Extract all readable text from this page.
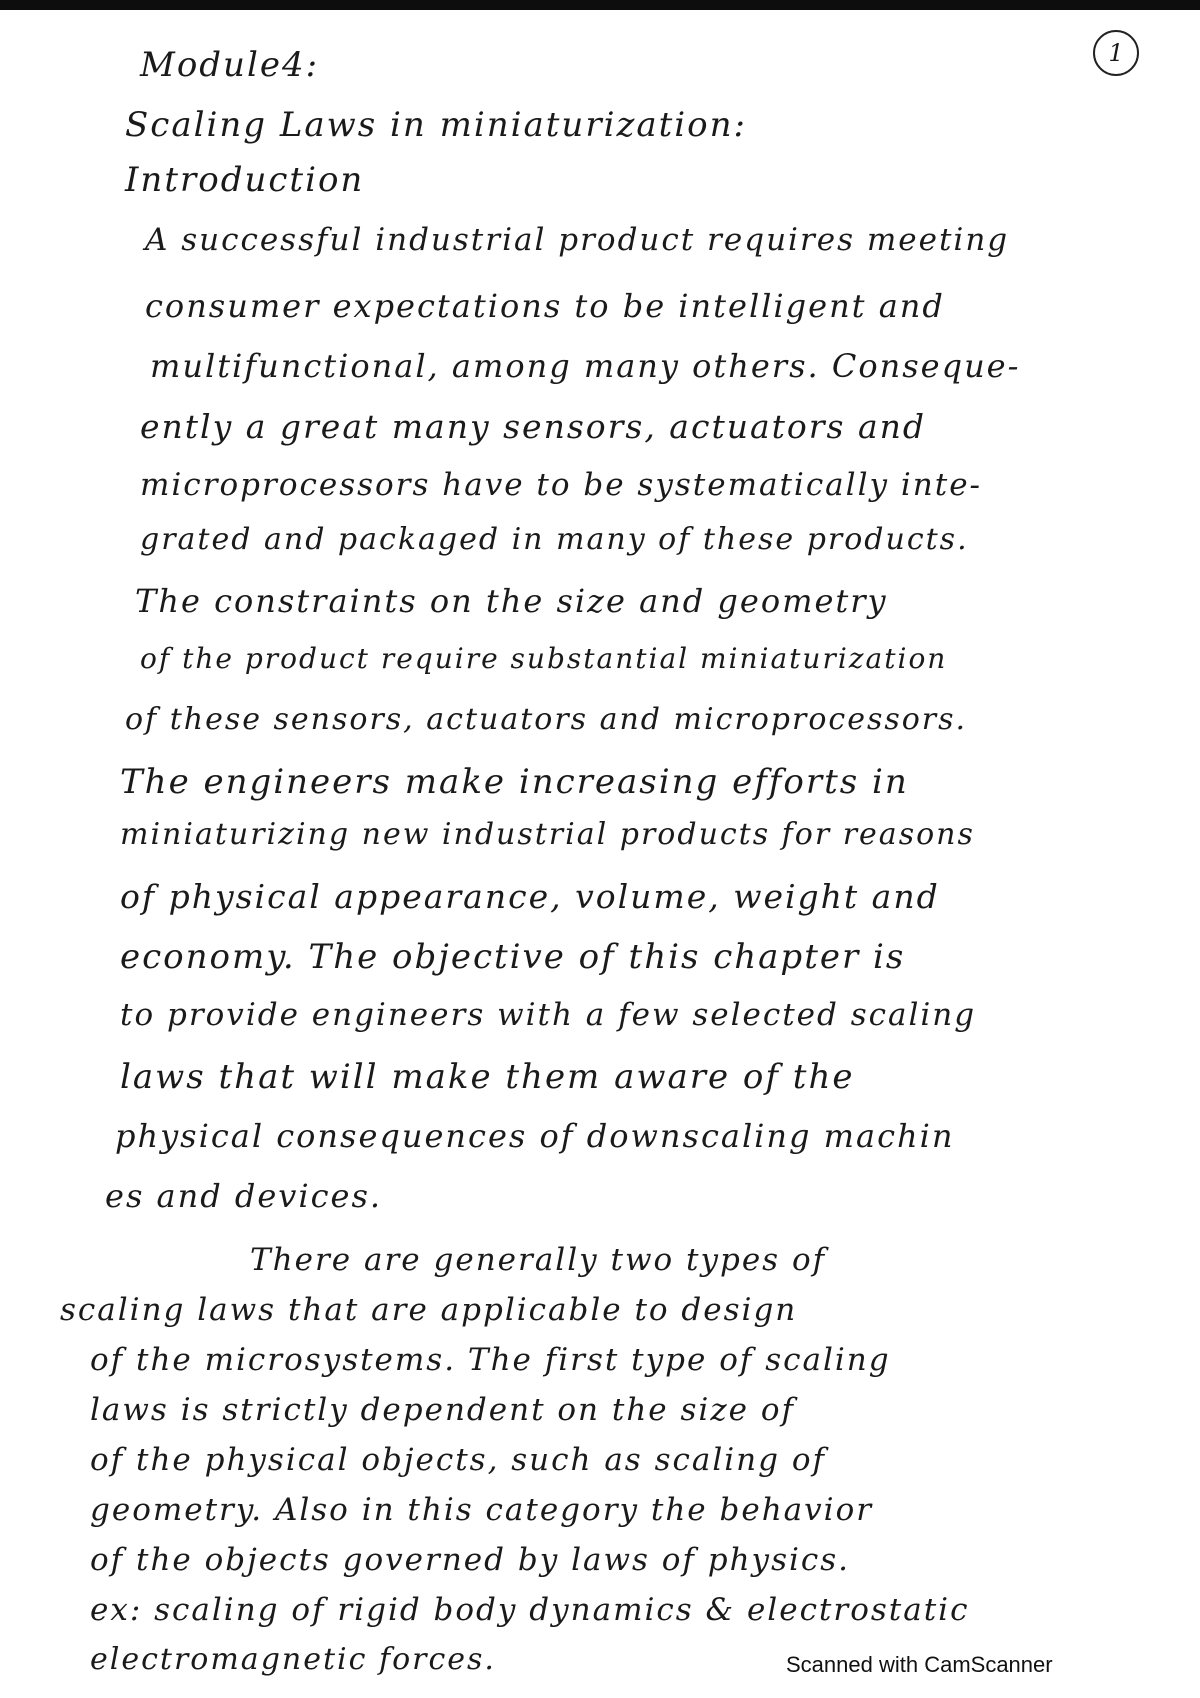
1
Module4:
Scaling Laws in miniaturization:
Introduction
A successful industrial product requires meeting
consumer expectations to be intelligent and
multifunctional, among many others. Conseque-
ently a great many sensors, actuators and
microprocessors have to be systematically inte-
grated and packaged in many of these products.
The constraints on the size and geometry
of the product require substantial miniaturization
of these sensors, actuators and microprocessors.
The engineers make increasing efforts in
miniaturizing new industrial products for reasons
of physical appearance, volume, weight and
economy. The objective of this chapter is
to provide engineers with a few selected scaling
laws that will make them aware of the
physical consequences of downscaling machin
es and devices.
There are generally two types of
scaling laws that are applicable to design
of the microsystems. The first type of scaling
laws is strictly dependent on the size of
of the physical objects, such as scaling of
geometry. Also in this category the behavior
of the objects governed by laws of physics.
Scanned with CamScanner
ex: scaling of rigid body dynamics & electrostatic
electromagnetic forces.
